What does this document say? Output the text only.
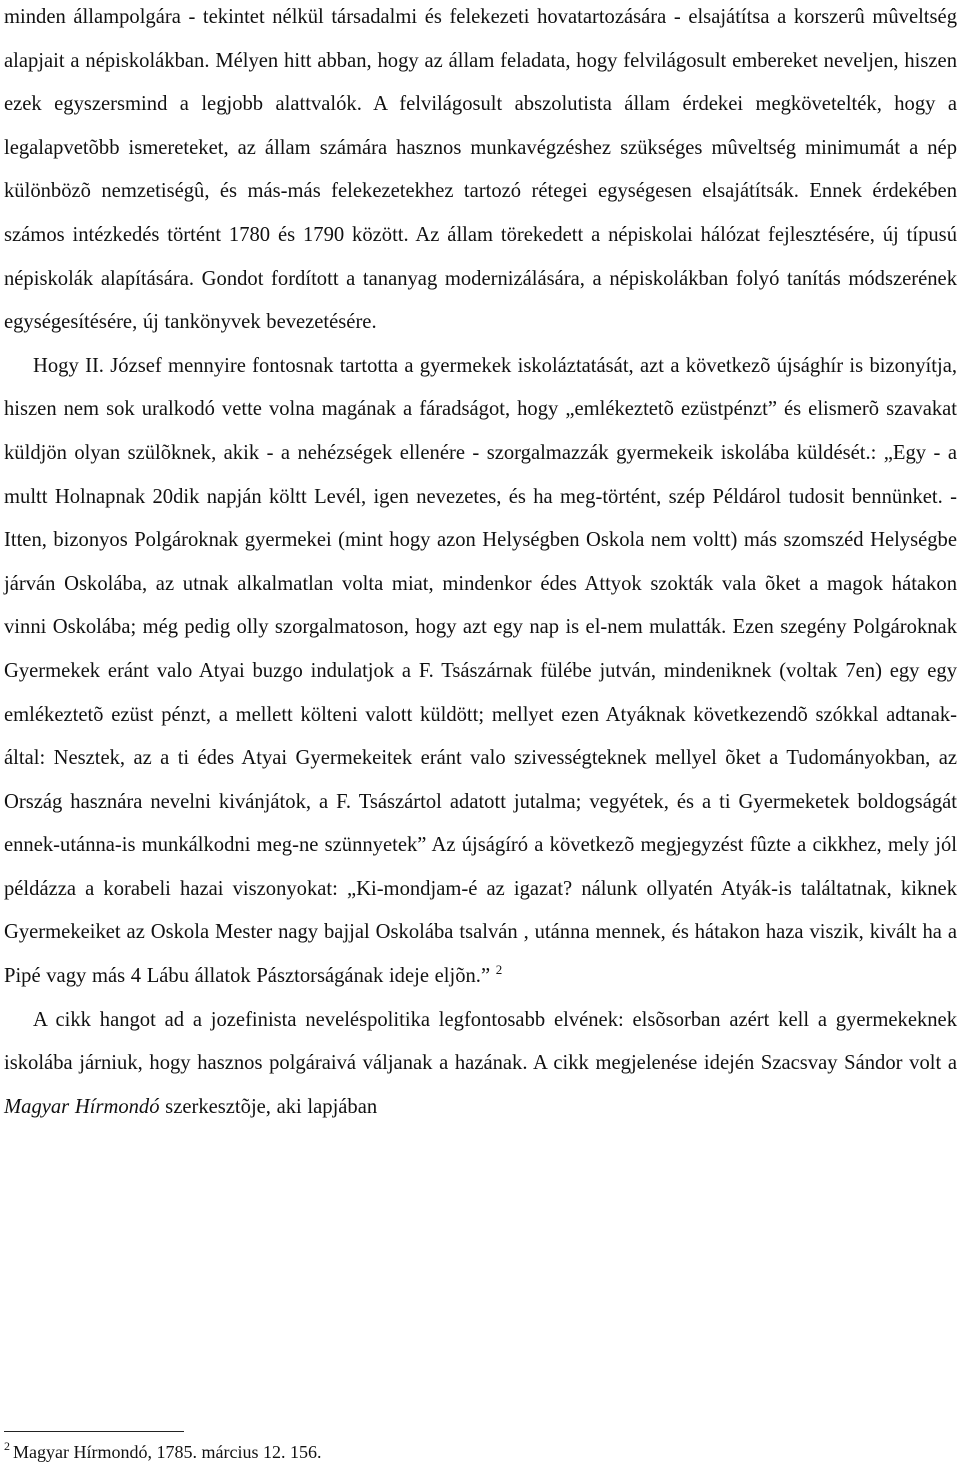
minden állampolgára - tekintet nélkül társadalmi és felekezeti hovatartozására - elsajátítsa a korszerû mûveltség alapjait a népiskolákban. Mélyen hitt abban, hogy az állam feladata, hogy felvilágosult embereket neveljen, hiszen ezek egyszersmind a legjobb alattvalók. A felvilágosult abszolutista állam érdekei megkövetelték, hogy a legalapvetõbb ismereteket, az állam számára hasznos munkavégzéshez szükséges mûveltség minimumát a nép különbözõ nemzetiségû, és más-más felekezetekhez tartozó rétegei egységesen elsajátítsák. Ennek érdekében számos intézkedés történt 1780 és 1790 között. Az állam törekedett a népiskolai hálózat fejlesztésére, új típusú népiskolák alapítására. Gondot fordított a tananyag modernizálására, a népiskolákban folyó tanítás módszerének egységesítésére, új tankönyvek bevezetésére.

Hogy II. József mennyire fontosnak tartotta a gyermekek iskoláztatását, azt a következõ újsághír is bizonyítja, hiszen nem sok uralkodó vette volna magának a fáradságot, hogy „emlékeztetõ ezüstpénzt” és elismerõ szavakat küldjön olyan szülõknek, akik - a nehézségek ellenére - szorgalmazzák gyermekeik iskolába küldését.: „Egy - a multt Holnapnak 20dik napján költt Levél, igen nevezetes, és ha meg-történt, szép Példárol tudosit bennünket. - Itten, bizonyos Polgároknak gyermekei (mint hogy azon Helységben Oskola nem voltt) más szomszéd Helységbe járván Oskolába, az utnak alkalmatlan volta miat, mindenkor édes Attyok szokták vala õket a magok hátakon vinni Oskolába; még pedig olly szorgalmatoson, hogy azt egy nap is el-nem mulatták. Ezen szegény Polgároknak Gyermekek eránt valo Atyai buzgo indulatjok a F. Tsászárnak fülébe jutván, mindeniknek (voltak 7en) egy egy emlékeztetõ ezüst pénzt, a mellett költeni valott küldött; mellyet ezen Atyáknak következendõ szókkal adtanak-által: Nesztek, az a ti édes Atyai Gyermekeitek eránt valo szivességteknek mellyel õket a Tudományokban, az Ország hasznára nevelni kivánjátok, a F. Tsászártol adatott jutalma; vegyétek, és a ti Gyermeketek boldogságát ennek-utánna-is munkálkodni meg-ne szünnyetek” Az újságíró a következõ megjegyzést fûzte a cikkhez, mely jól példázza a korabeli hazai viszonyokat: „Ki-mondjam-é az igazat? nálunk ollyatén Atyák-is találtatnak, kiknek Gyermekeiket az Oskola Mester nagy bajjal Oskolába tsalván , utánna mennek, és hátakon haza viszik, kivált ha a Pipé vagy más 4 Lábu állatok Pásztorságának ideje eljõn.” $^2$

A cikk hangot ad a jozefinista neveléspolitika legfontosabb elvének: elsõsorban azért kell a gyermekeknek iskolába járniuk, hogy hasznos polgáraivá váljanak a hazának. A cikk megjelenése idején Szacsvay Sándor volt a Magyar Hírmondó szerkesztõje, aki lapjában

$^2$ Magyar Hírmondó, 1785. március 12. 156.
